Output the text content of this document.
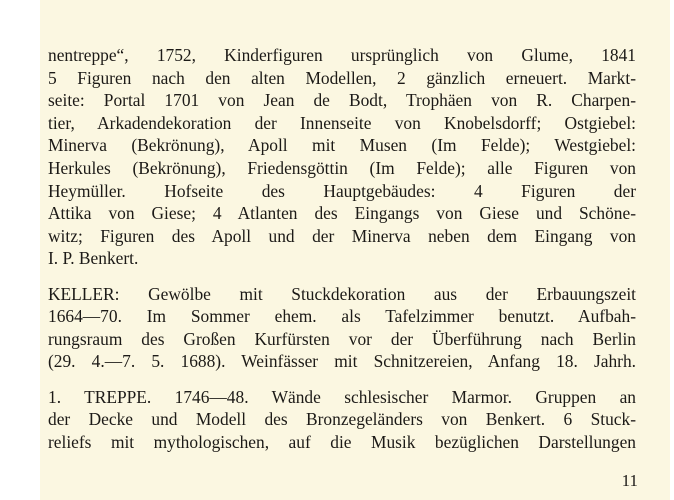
nentreppe“, 1752, Kinderfiguren ursprünglich von Glume, 1841
5 Figuren nach den alten Modellen, 2 gänzlich erneuert. Markt-
seite: Portal 1701 von Jean de Bodt, Trophäen von R. Charpen-
tier, Arkadendekoration der Innenseite von Knobelsdorff; Ostgiebel:
Minerva (Bekrönung), Apoll mit Musen (Im Felde); Westgiebel:
Herkules (Bekrönung), Friedensgöttin (Im Felde); alle Figuren von
Heymüller. Hofseite des Hauptgebäudes: 4 Figuren der
Attika von Giese; 4 Atlanten des Eingangs von Giese und Schöne-
witz; Figuren des Apoll und der Minerva neben dem Eingang von
I. P. Benkert.
KELLER: Gewölbe mit Stuckdekoration aus der Erbauungszeit
1664—70. Im Sommer ehem. als Tafelzimmer benutzt. Aufbah-
rungsraum des Großen Kurfürsten vor der Überführung nach Berlin
(29. 4.—7. 5. 1688). Weinfässer mit Schnitzereien, Anfang 18. Jahrh.
1. TREPPE. 1746—48. Wände schlesischer Marmor. Gruppen an
der Decke und Modell des Bronzegeländers von Benkert. 6 Stuck-
reliefs mit mythologischen, auf die Musik bezüglichen Darstellungen
11
